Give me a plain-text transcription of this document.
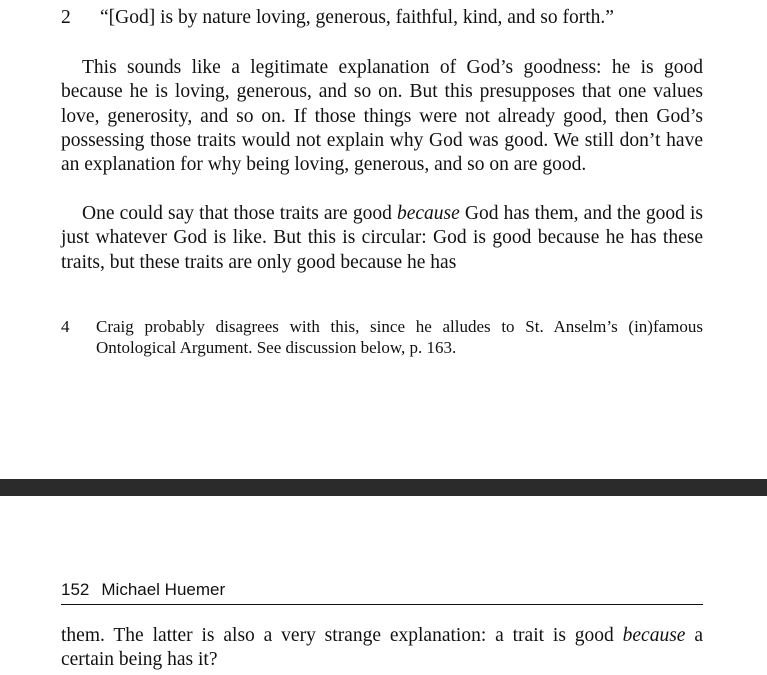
2 “[God] is by nature loving, generous, faithful, kind, and so forth.”

This sounds like a legitimate explanation of God’s goodness: he is good because he is loving, generous, and so on. But this presupposes that one values love, generosity, and so on. If those things were not already good, then God’s possessing those traits would not explain why God was good. We still don’t have an explanation for why being loving, generous, and so on are good.

One could say that those traits are good because God has them, and the good is just whatever God is like. But this is circular: God is good because he has these traits, but these traits are only good because he has

4	Craig probably disagrees with this, since he alludes to St. Anselm’s (in)famous Ontological Argument. See discussion below, p. 163.
152 Michael Huemer

them. The latter is also a very strange explanation: a trait is good because a certain being has it?
